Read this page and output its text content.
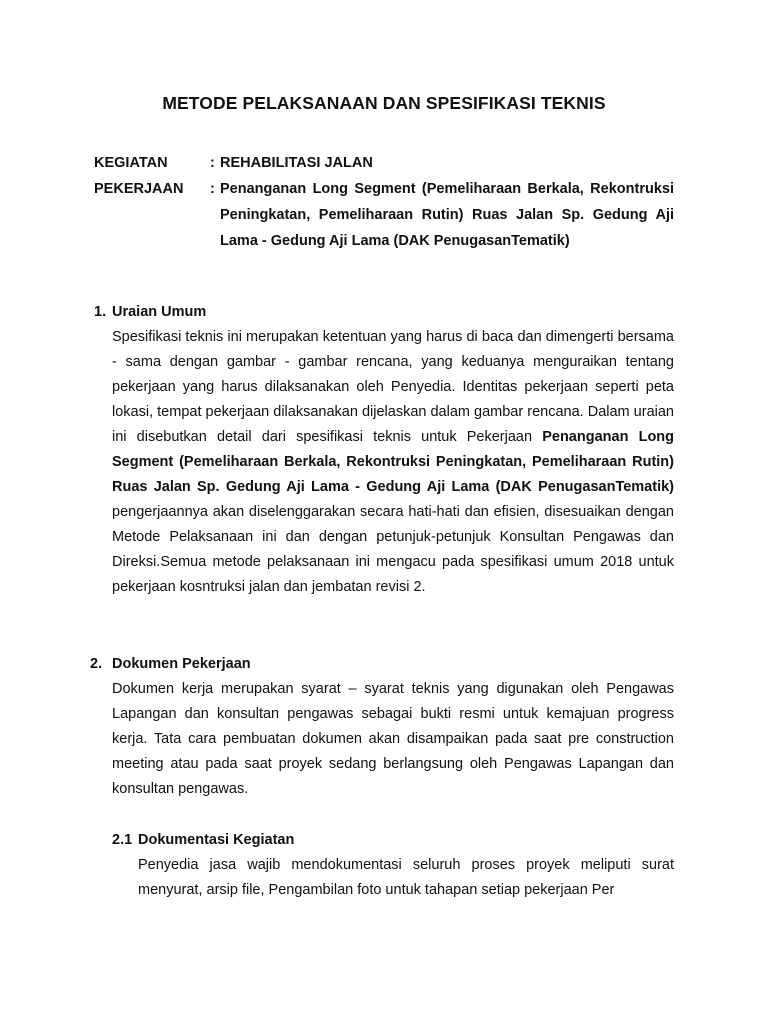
METODE PELAKSANAAN DAN SPESIFIKASI TEKNIS
KEGIATAN	: REHABILITASI JALAN
PEKERJAAN	: Penanganan Long Segment (Pemeliharaan Berkala, Rekontruksi Peningkatan, Pemeliharaan Rutin) Ruas Jalan Sp. Gedung Aji Lama - Gedung Aji Lama (DAK PenugasanTematik)
1. Uraian Umum
Spesifikasi teknis ini merupakan ketentuan yang harus di baca dan dimengerti bersama - sama dengan gambar - gambar rencana, yang keduanya menguraikan tentang pekerjaan yang harus dilaksanakan oleh Penyedia. Identitas pekerjaan seperti peta lokasi, tempat pekerjaan dilaksanakan dijelaskan dalam gambar rencana. Dalam uraian ini disebutkan detail dari spesifikasi teknis untuk Pekerjaan Penanganan Long Segment (Pemeliharaan Berkala, Rekontruksi Peningkatan, Pemeliharaan Rutin) Ruas Jalan Sp. Gedung Aji Lama - Gedung Aji Lama (DAK PenugasanTematik) pengerjaannya akan diselenggarakan secara hati-hati dan efisien, disesuaikan dengan Metode Pelaksanaan ini dan dengan petunjuk-petunjuk Konsultan Pengawas dan Direksi.Semua metode pelaksanaan ini mengacu pada spesifikasi umum 2018 untuk pekerjaan kosntruksi jalan dan jembatan revisi 2.
2. Dokumen Pekerjaan
Dokumen kerja merupakan syarat – syarat teknis yang digunakan oleh Pengawas Lapangan dan konsultan pengawas sebagai bukti resmi untuk kemajuan progress kerja. Tata cara pembuatan dokumen akan disampaikan pada saat pre construction meeting atau pada saat proyek sedang berlangsung oleh Pengawas Lapangan dan konsultan pengawas.
2.1 Dokumentasi Kegiatan
Penyedia jasa wajib mendokumentasi seluruh proses proyek meliputi surat menyurat, arsip file, Pengambilan foto untuk tahapan setiap pekerjaan Per
